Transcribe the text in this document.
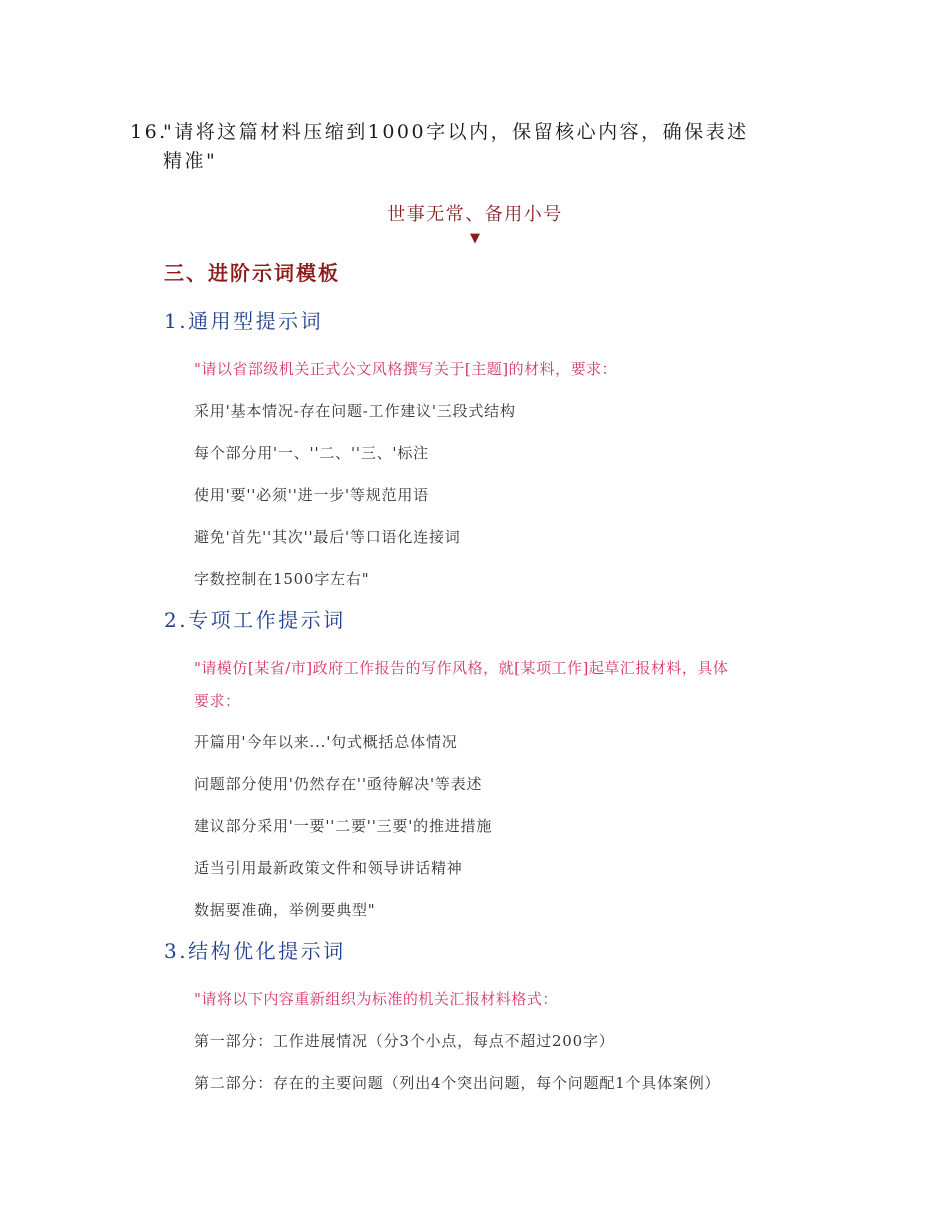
16."请将这篇材料压缩到1000字以内，保留核心内容，确保表述
精准"
世事无常、备用小号
▼
三、进阶示词模板
1.通用型提示词
"请以省部级机关正式公文风格撰写关于[主题]的材料，要求：
采用'基本情况-存在问题-工作建议'三段式结构
每个部分用'一、''二、''三、'标注
使用'要''必须''进一步'等规范用语
避免'首先''其次''最后'等口语化连接词
字数控制在1500字左右"
2.专项工作提示词
"请模仿[某省/市]政府工作报告的写作风格，就[某项工作]起草汇报材料，具体
要求：
开篇用'今年以来...'句式概括总体情况
问题部分使用'仍然存在''亟待解决'等表述
建议部分采用'一要''二要''三要'的推进措施
适当引用最新政策文件和领导讲话精神
数据要准确，举例要典型"
3.结构优化提示词
"请将以下内容重新组织为标准的机关汇报材料格式：
第一部分：工作进展情况（分3个小点，每点不超过200字）
第二部分：存在的主要问题（列出4个突出问题，每个问题配1个具体案例）
